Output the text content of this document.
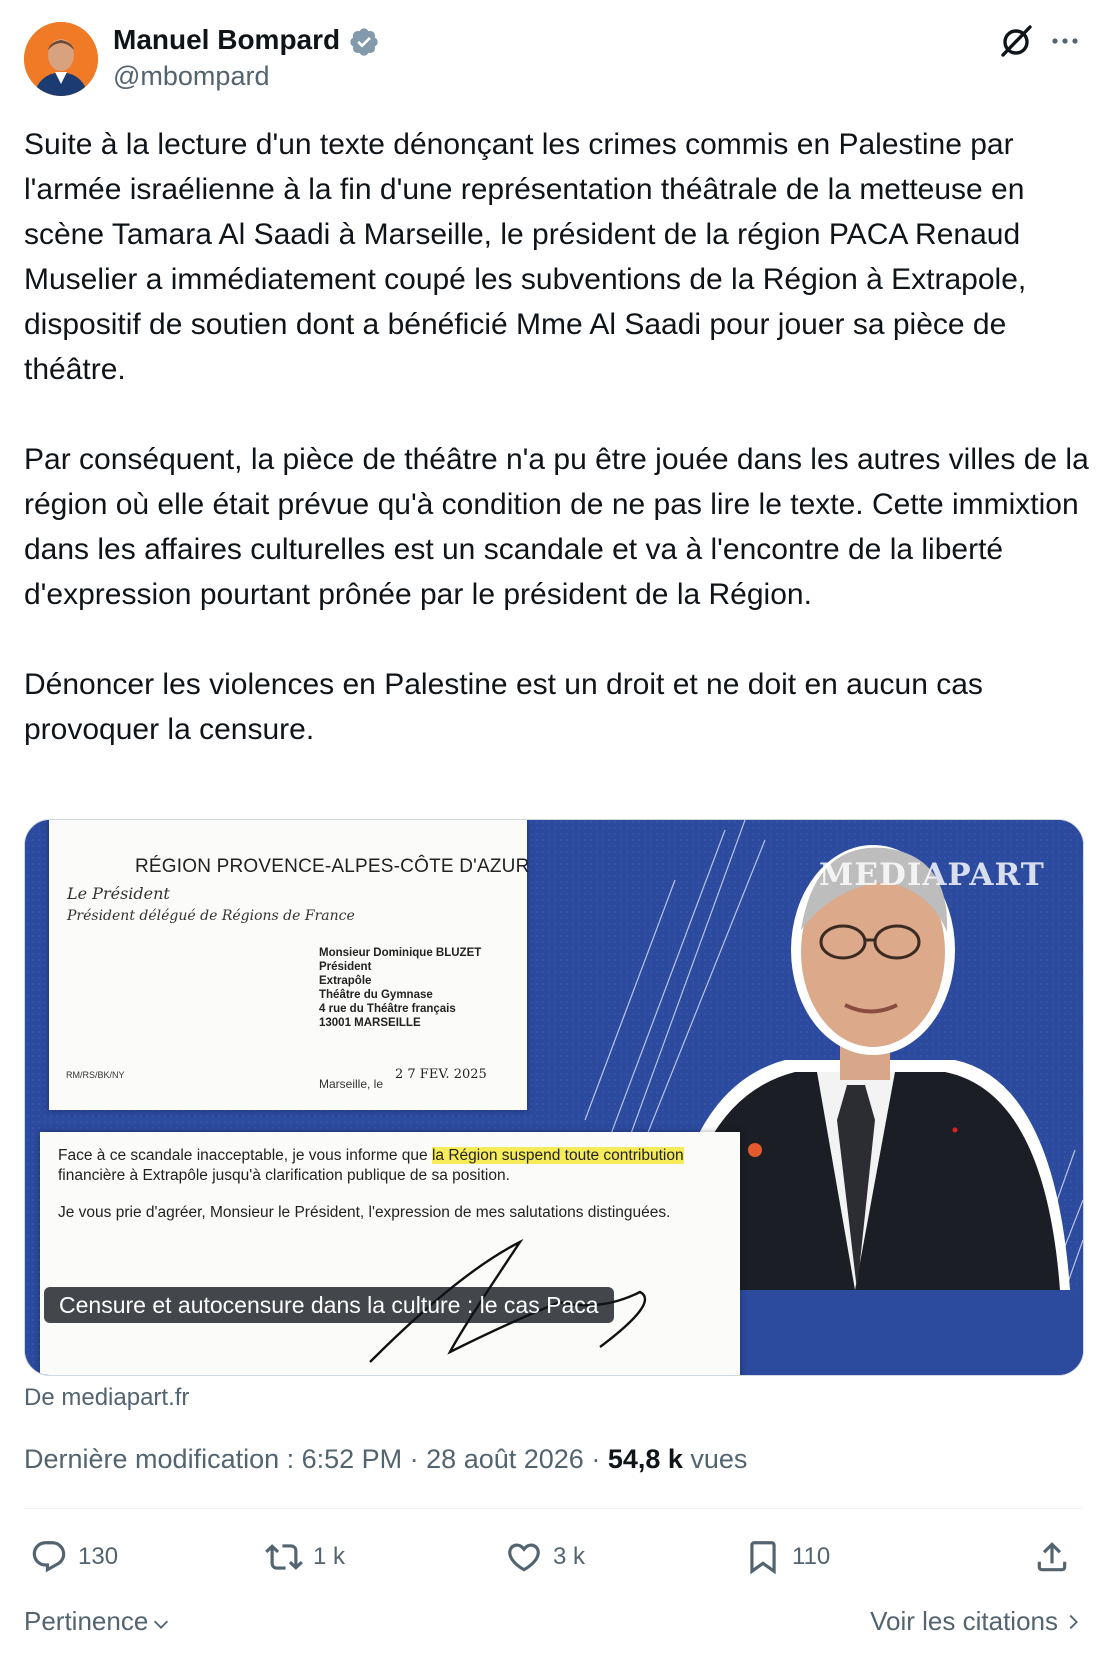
Manuel Bompard
@mbompard

Suite à la lecture d'un texte dénonçant les crimes commis en Palestine par l'armée israélienne à la fin d'une représentation théâtrale de la metteuse en scène Tamara Al Saadi à Marseille, le président de la région PACA Renaud Muselier a immédiatement coupé les subventions de la Région à Extrapole, dispositif de soutien dont a bénéficié Mme Al Saadi pour jouer sa pièce de théâtre.

Par conséquent, la pièce de théâtre n'a pu être jouée dans les autres villes de la région où elle était prévue qu'à condition de ne pas lire le texte. Cette immixtion dans les affaires culturelles est un scandale et va à l'encontre de la liberté d'expression pourtant prônée par le président de la Région.

Dénoncer les violences en Palestine est un droit et ne doit en aucun cas provoquer la censure.

RÉGION PROVENCE-ALPES-CÔTE D'AZUR
Le Président
Président délégué de Régions de France
Monsieur Dominique BLUZET
Président
Extrapôle
Théâtre du Gymnase
4 rue du Théâtre français
13001 MARSEILLE
RM/RS/BK/NY
Marseille, le
2 7 FEV. 2025
Face à ce scandale inacceptable, je vous informe que la Région suspend toute contribution
financière à Extrapôle jusqu'à clarification publique de sa position.
Je vous prie d'agréer, Monsieur le Président, l'expression de mes salutations distinguées.
MEDIAPART
Censure et autocensure dans la culture : le cas Paca
De mediapart.fr
Dernière modification : 6:52 PM · 28 août 2026 · 54,8 k vues
130	1 k	3 k	110
Pertinence	Voir les citations
